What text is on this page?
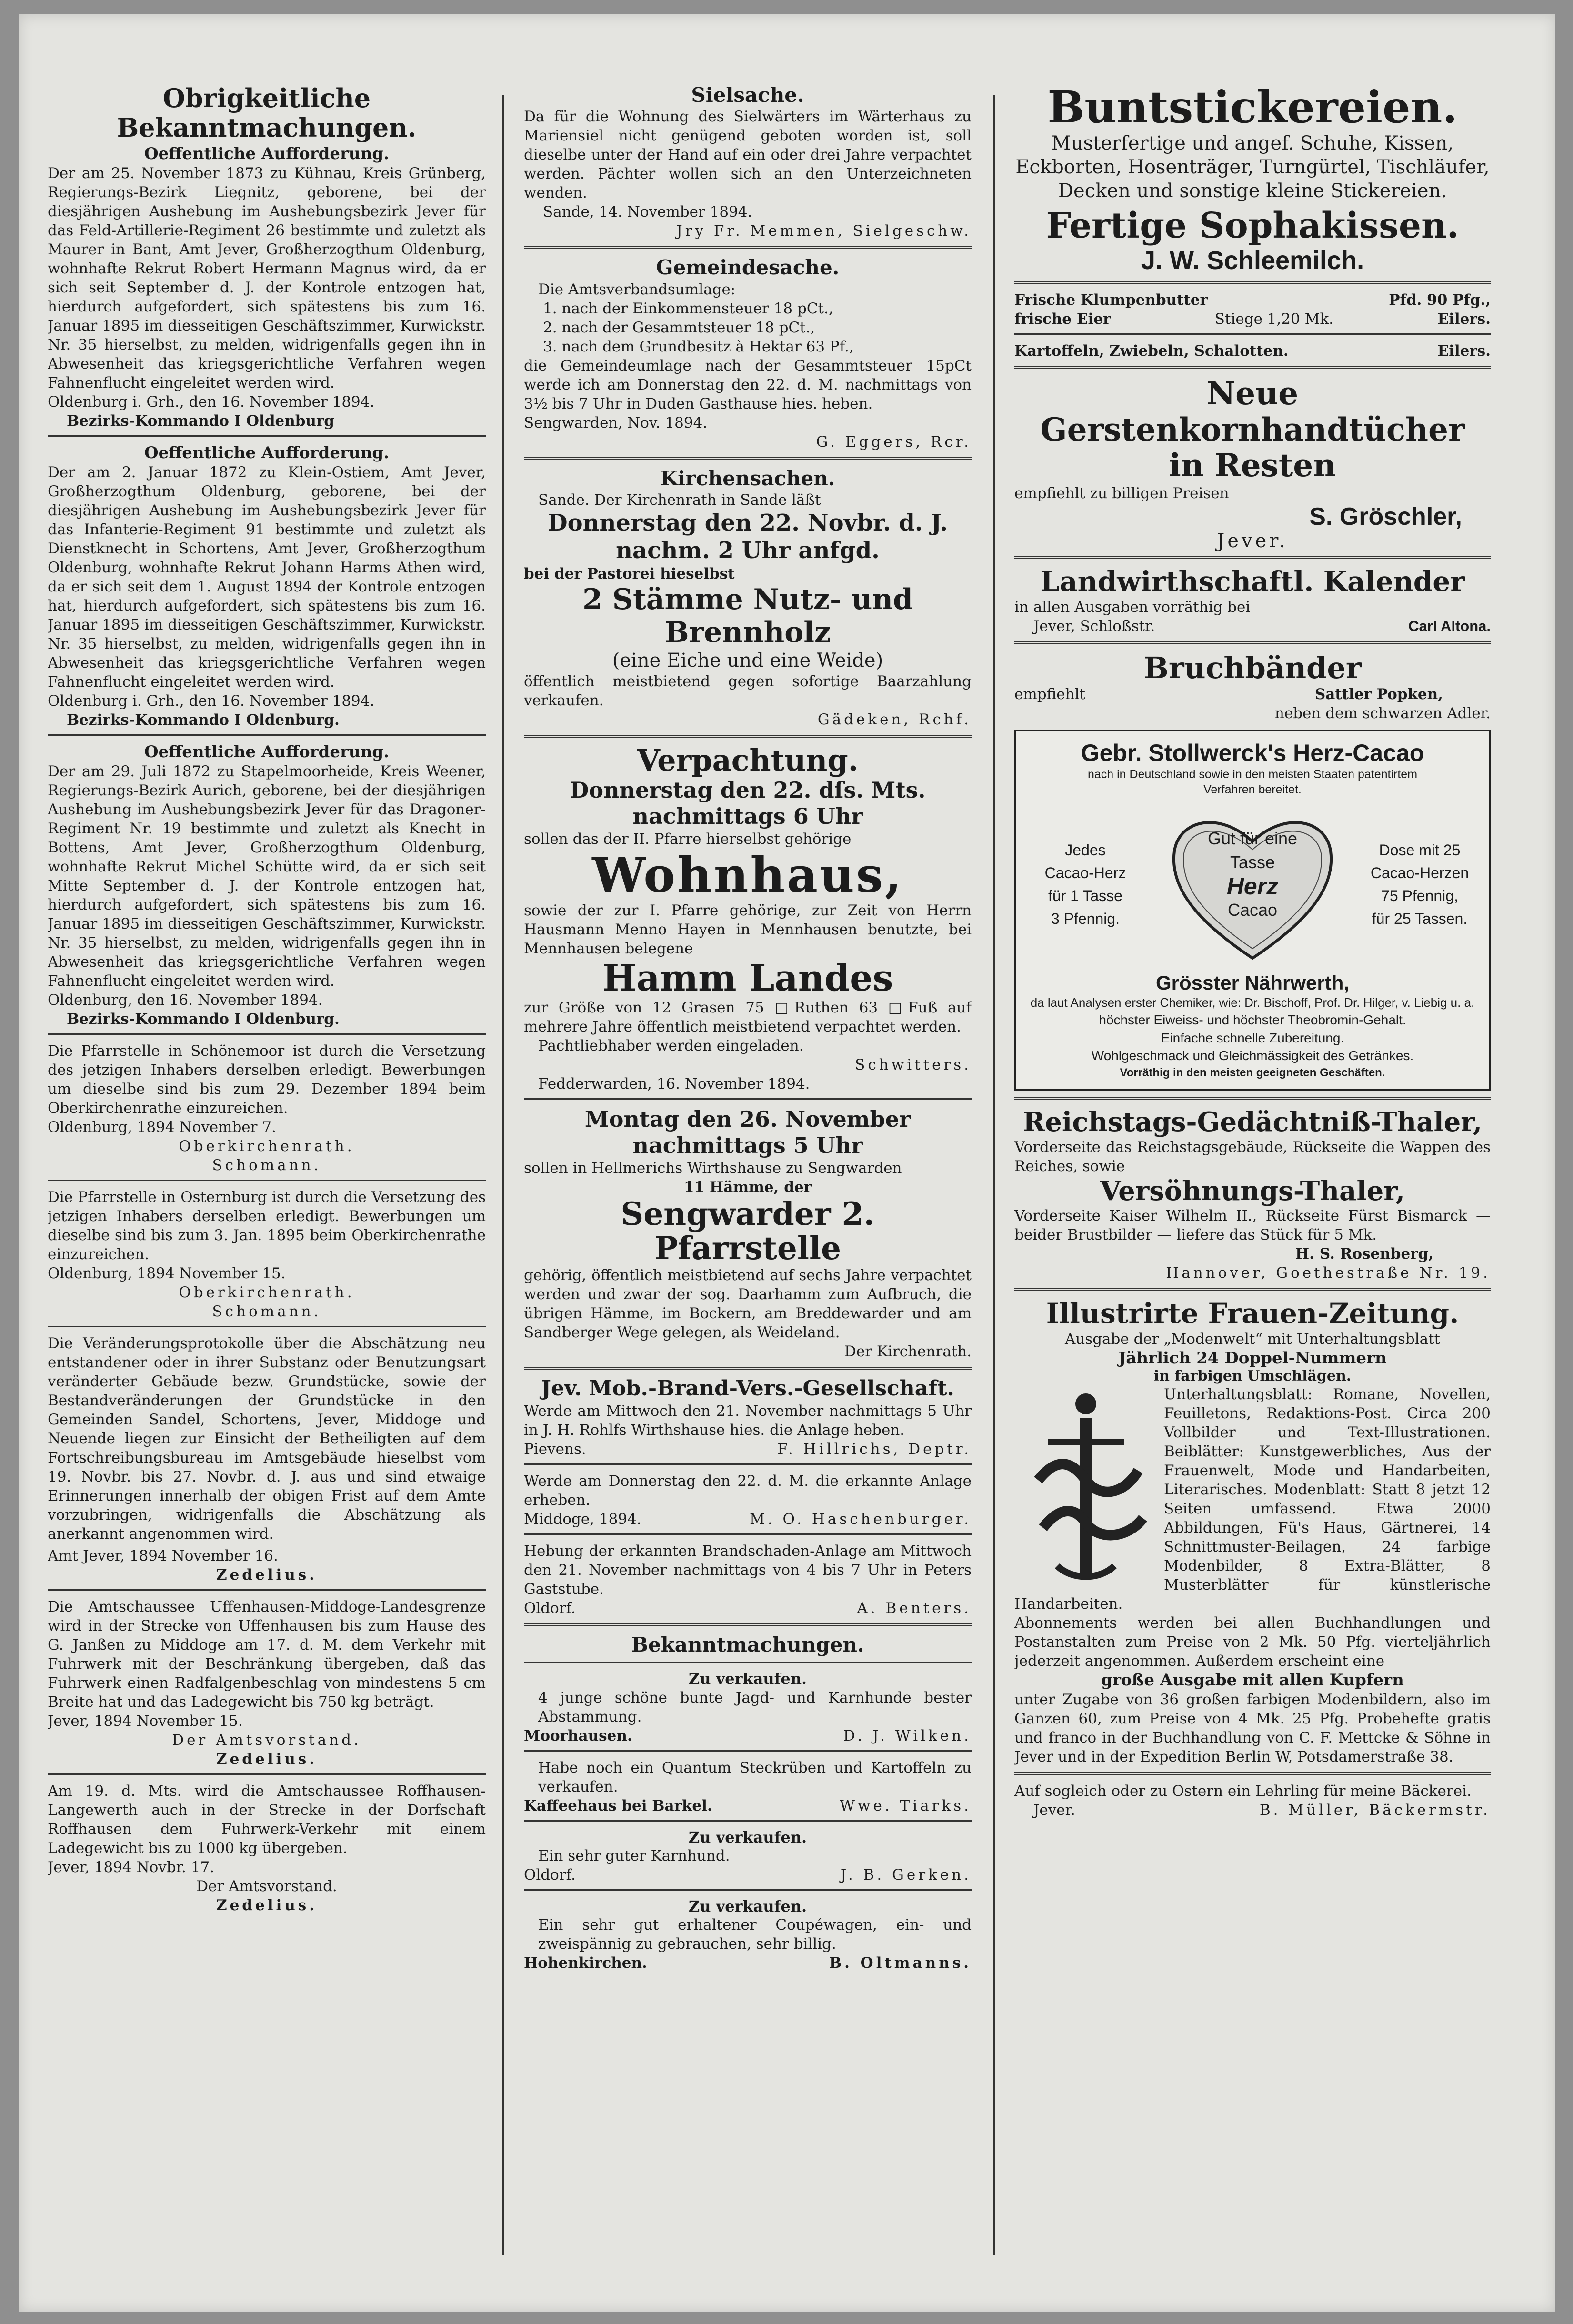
Obrigkeitliche Bekanntmachungen.
Oeffentliche Aufforderung.
Der am 25. November 1873 zu Kühnau, Kreis Grünberg, Regierungs-Bezirk Liegnitz, geborene, bei der diesjährigen Aushebung im Aushebungsbezirk Jever für das Feld-Artillerie-Regiment 26 bestimmte und zuletzt als Maurer in Bant, Amt Jever, Großherzogthum Oldenburg, wohnhafte Rekrut Robert Hermann Magnus wird, da er sich seit September d. J. der Kontrole entzogen hat, hierdurch aufgefordert, sich spätestens bis zum 16. Januar 1895 im diesseitigen Geschäftszimmer, Kurwickstr. Nr. 35 hierselbst, zu melden, widrigenfalls gegen ihn in Abwesenheit das kriegsgerichtliche Verfahren wegen Fahnenflucht eingeleitet werden wird.
Oldenburg i. Grh., den 16. November 1894.
Bezirks-Kommando I Oldenburg
Oeffentliche Aufforderung.
Der am 2. Januar 1872 zu Klein-Ostiem, Amt Jever, Großherzogthum Oldenburg, geborene, bei der diesjährigen Aushebung im Aushebungsbezirk Jever für das Infanterie-Regiment 91 bestimmte und zuletzt als Dienstknecht in Schortens, Amt Jever, Großherzogthum Oldenburg, wohnhafte Rekrut Johann Harms Athen wird, da er sich seit dem 1. August 1894 der Kontrole entzogen hat, hierdurch aufgefordert, sich spätestens bis zum 16. Januar 1895 im diesseitigen Geschäftszimmer, Kurwickstr. Nr. 35 hierselbst, zu melden, widrigenfalls gegen ihn in Abwesenheit das kriegsgerichtliche Verfahren wegen Fahnenflucht eingeleitet werden wird.
Oldenburg i. Grh., den 16. November 1894.
Bezirks-Kommando I Oldenburg.
Oeffentliche Aufforderung.
Der am 29. Juli 1872 zu Stapelmoorheide, Kreis Weener, Regierungs-Bezirk Aurich, geborene, bei der diesjährigen Aushebung im Aushebungsbezirk Jever für das Dragoner-Regiment Nr. 19 bestimmte und zuletzt als Knecht in Bottens, Amt Jever, Großherzogthum Oldenburg, wohnhafte Rekrut Michel Schütte wird, da er sich seit Mitte September d. J. der Kontrole entzogen hat, hierdurch aufgefordert, sich spätestens bis zum 16. Januar 1895 im diesseitigen Geschäftszimmer, Kurwickstr. Nr. 35 hierselbst, zu melden, widrigenfalls gegen ihn in Abwesenheit das kriegsgerichtliche Verfahren wegen Fahnenflucht eingeleitet werden wird.
Oldenburg, den 16. November 1894.
Bezirks-Kommando I Oldenburg.
Die Pfarrstelle in Schönemoor ist durch die Versetzung des jetzigen Inhabers derselben erledigt. Bewerbungen um dieselbe sind bis zum 29. Dezember 1894 beim Oberkirchenrathe einzureichen.
Oldenburg, 1894 November 7.
Oberkirchenrath.
Schomann.
Die Pfarrstelle in Osternburg ist durch die Versetzung des jetzigen Inhabers derselben erledigt. Bewerbungen um dieselbe sind bis zum 3. Jan. 1895 beim Oberkirchenrathe einzureichen.
Oldenburg, 1894 November 15.
Oberkirchenrath.
Schomann.
Die Veränderungsprotokolle über die Abschätzung neu entstandener oder in ihrer Substanz oder Benutzungsart veränderter Gebäude bezw. Grundstücke, sowie der Bestandveränderungen der Grundstücke in den Gemeinden Sandel, Schortens, Jever, Middoge und Neuende liegen zur Einsicht der Betheiligten auf dem Fortschreibungsbureau im Amtsgebäude hieselbst vom 19. Novbr. bis 27. Novbr. d. J. aus und sind etwaige Erinnerungen innerhalb der obigen Frist auf dem Amte vorzubringen, widrigenfalls die Abschätzung als anerkannt angenommen wird.
Amt Jever, 1894 November 16.
Zedelius.
Die Amtschaussee Uffenhausen-Middoge-Landesgrenze wird in der Strecke von Uffenhausen bis zum Hause des G. Janßen zu Middoge am 17. d. M. dem Verkehr mit Fuhrwerk mit der Beschränkung übergeben, daß das Fuhrwerk einen Radfalgenbeschlag von mindestens 5 cm Breite hat und das Ladegewicht bis 750 kg beträgt.
Jever, 1894 November 15.
Der Amtsvorstand.
Zedelius.
Am 19. d. Mts. wird die Amtschaussee Roffhausen-Langewerth auch in der Strecke in der Dorfschaft Roffhausen dem Fuhrwerk-Verkehr mit einem Ladegewicht bis zu 1000 kg übergeben.
Jever, 1894 Novbr. 17.
Der Amtsvorstand.
Zedelius.
Sielsache.
Da für die Wohnung des Sielwärters im Wärterhaus zu Mariensiel nicht genügend geboten worden ist, soll dieselbe unter der Hand auf ein oder drei Jahre verpachtet werden. Pächter wollen sich an den Unterzeichneten wenden.
Sande, 14. November 1894.
Jry Fr. Memmen, Sielgeschw.
Gemeindesache.
Die Amtsverbandsumlage:
1. nach der Einkommensteuer 18 pCt.,
2. nach der Gesammtsteuer 18 pCt.,
3. nach dem Grundbesitz à Hektar 63 Pf.,
die Gemeindeumlage nach der Gesammtsteuer 15pCt werde ich am Donnerstag den 22. d. M. nachmittags von 3½ bis 7 Uhr in Duden Gasthause hies. heben.
Sengwarden, Nov. 1894.
G. Eggers, Rcr.
Kirchensachen.
Sande. Der Kirchenrath in Sande läßt
Donnerstag den 22. Novbr. d. J.
nachm. 2 Uhr anfgd.
bei der Pastorei hieselbst
2 Stämme Nutz- und
Brennholz
(eine Eiche und eine Weide)
öffentlich meistbietend gegen sofortige Baarzahlung verkaufen.
Gädeken, Rchf.
Verpachtung.
Donnerstag den 22. dſs. Mts.
nachmittags 6 Uhr
sollen das der II. Pfarre hierselbst gehörige
Wohnhaus,
sowie der zur I. Pfarre gehörige, zur Zeit von Herrn Hausmann Menno Hayen in Mennhausen benutzte, bei Mennhausen belegene
Hamm Landes
zur Größe von 12 Grasen 75 □Ruthen 63 □Fuß auf mehrere Jahre öffentlich meistbietend verpachtet werden.
Pachtliebhaber werden eingeladen.
Schwitters.
Fedderwarden, 16. November 1894.
Montag den 26. November
nachmittags 5 Uhr
sollen in Hellmerichs Wirthshause zu Sengwarden
11 Hämme, der
Sengwarder 2. Pfarrstelle
gehörig, öffentlich meistbietend auf sechs Jahre verpachtet werden und zwar der sog. Daarhamm zum Aufbruch, die übrigen Hämme, im Bockern, am Breddewarder und am Sandberger Wege gelegen, als Weideland.
Der Kirchenrath.
Jev. Mob.-Brand-Vers.-Gesellschaft.
Werde am Mittwoch den 21. November nachmittags 5 Uhr in J. H. Rohlfs Wirthshause hies. die Anlage heben.
Pievens.	F. Hillrichs, Deptr.
Werde am Donnerstag den 22. d. M. die erkannte Anlage erheben.
Middoge, 1894.	M. O. Haschenburger.
Hebung der erkannten Brandschaden-Anlage am Mittwoch den 21. November nachmittags von 4 bis 7 Uhr in Peters Gaststube.
Oldorf.	A. Benters.
Bekanntmachungen.
Zu verkaufen.
4 junge schöne bunte Jagd- und Karnhunde bester Abstammung.
Moorhausen.	D. J. Wilken.
Habe noch ein Quantum Steckrüben und Kartoffeln zu verkaufen.
Kaffeehaus bei Barkel.	Wwe. Tiarks.
Zu verkaufen.
Ein sehr guter Karnhund.
Oldorf.	J. B. Gerken.
Zu verkaufen.
Ein sehr gut erhaltener Coupéwagen, ein- und zweispännig zu gebrauchen, sehr billig.
Hohenkirchen.	B. Oltmanns.
Buntstickereien.
Musterfertige und angef. Schuhe, Kissen, Eckborten, Hosenträger, Turngürtel, Tischläufer, Decken und sonstige kleine Stickereien.
Fertige Sophakissen.
J. W. Schleemilch.
Frische Klumpenbutter	Pfd. 90 Pfg.,
frische Eier	Stiege 1,20 Mk.	Eilers.
Kartoffeln, Zwiebeln, Schalotten.	Eilers.
Neue
Gerstenkornhandtücher
in Resten
empfiehlt zu billigen Preisen
S. Gröschler,
Jever.
Landwirthschaftl. Kalender
in allen Ausgaben vorräthig bei
Jever, Schloßstr.	Carl Altona.
Bruchbänder
empfiehlt	Sattler Popken,
neben dem schwarzen Adler.
Gebr. Stollwerck's Herz-Cacao
nach in Deutschland sowie in den meisten Staaten patentirtem Verfahren bereitet.
Jedes
Cacao-Herz
für 1 Tasse
3 Pfennig.
Gut für eine
Tasse
Herz
Cacao
Dose mit 25
Cacao-Herzen
75 Pfennig,
für 25 Tassen.
Grösster Nährwerth,
da laut Analysen erster Chemiker, wie: Dr. Bischoff, Prof. Dr. Hilger, v. Liebig u. a.
höchster Eiweiss- und höchster Theobromin-Gehalt.
Einfache schnelle Zubereitung.
Wohlgeschmack und Gleichmässigkeit des Getränkes.
Vorräthig in den meisten geeigneten Geschäften.
Reichstags-Gedächtniß-Thaler,
Vorderseite das Reichstagsgebäude, Rückseite die Wappen des Reiches, sowie
Versöhnungs-Thaler,
Vorderseite Kaiser Wilhelm II., Rückseite Fürst Bismarck — beider Brustbilder — liefere das Stück für 5 Mk.
H. S. Rosenberg,
Hannover, Goethestraße Nr. 19.
Illustrirte Frauen-Zeitung.
Ausgabe der „Modenwelt“ mit Unterhaltungsblatt
Jährlich 24 Doppel-Nummern
in farbigen Umschlägen.
Unterhaltungsblatt: Romane, Novellen, Feuilletons, Redaktions-Post. Circa 200 Vollbilder und Text-Illustrationen. Beiblätter: Kunstgewerbliches, Aus der Frauenwelt, Mode und Handarbeiten, Literarisches. Modenblatt: Statt 8 jetzt 12 Seiten umfassend. Etwa 2000 Abbildungen, Fü's Haus, Gärtnerei, 14 Schnittmuster-Beilagen, 24 farbige Modenbilder, 8 Extra-Blätter, 8 Musterblätter für künstlerische Handarbeiten.
Abonnements werden bei allen Buchhandlungen und Postanstalten zum Preise von 2 Mk. 50 Pfg. vierteljährlich jederzeit angenommen. Außerdem erscheint eine
große Ausgabe mit allen Kupfern
unter Zugabe von 36 großen farbigen Modenbildern, also im Ganzen 60, zum Preise von 4 Mk. 25 Pfg. Probehefte gratis und franco in der Buchhandlung von C. F. Mettcke & Söhne in Jever und in der Expedition Berlin W, Potsdamerstraße 38.
Auf sogleich oder zu Ostern ein Lehrling für meine Bäckerei.
Jever.	B. Müller, Bäckermstr.
